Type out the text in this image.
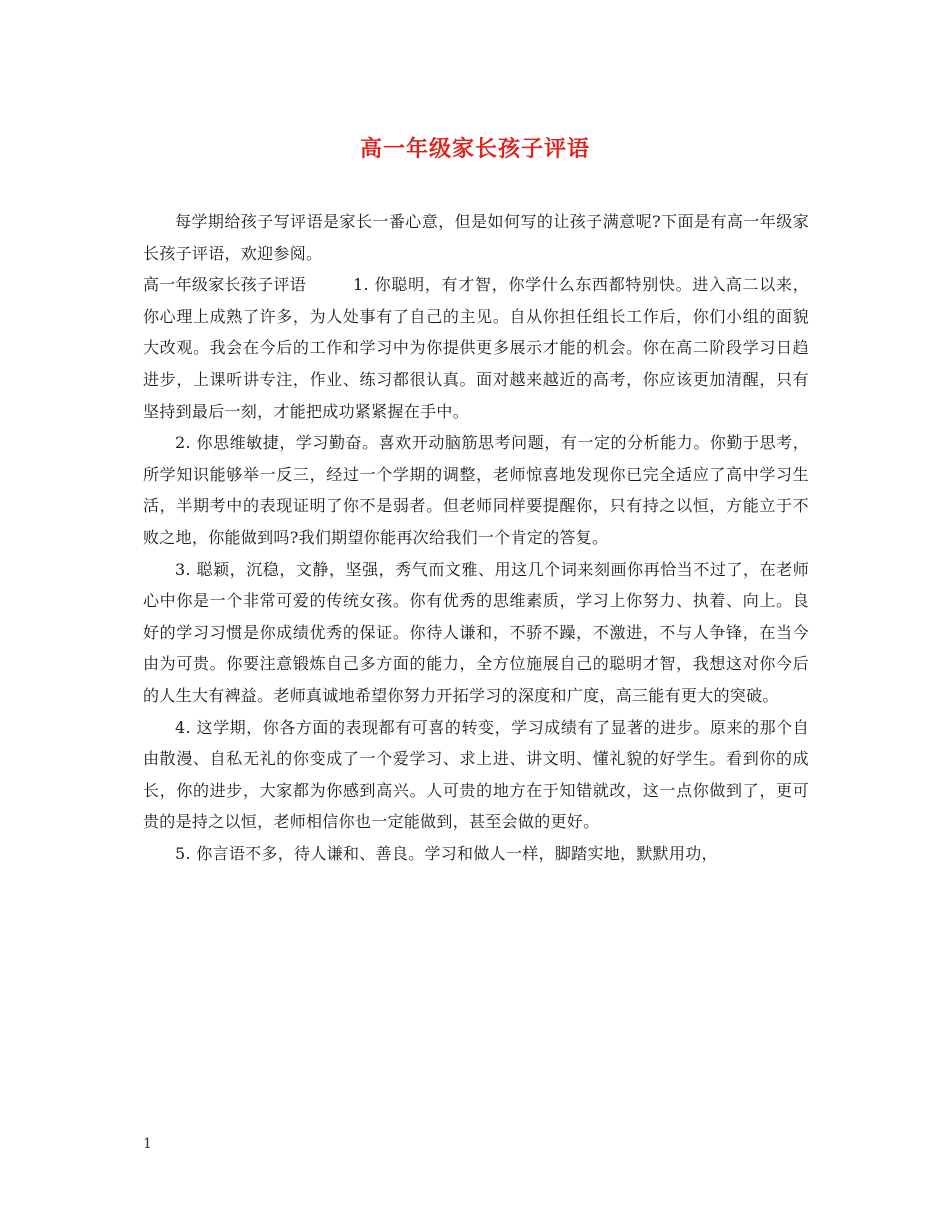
高一年级家长孩子评语

每学期给孩子写评语是家长一番心意，但是如何写的让孩子满意呢?下面是有高一年级家长孩子评语，欢迎参阅。

高一年级家长孩子评语	1. 你聪明，有才智，你学什么东西都特别快。进入高二以来，你心理上成熟了许多，为人处事有了自己的主见。自从你担任组长工作后，你们小组的面貌大改观。我会在今后的工作和学习中为你提供更多展示才能的机会。你在高二阶段学习日趋进步，上课听讲专注，作业、练习都很认真。面对越来越近的高考，你应该更加清醒，只有坚持到最后一刻，才能把成功紧紧握在手中。

2. 你思维敏捷，学习勤奋。喜欢开动脑筋思考问题，有一定的分析能力。你勤于思考，所学知识能够举一反三，经过一个学期的调整，老师惊喜地发现你已完全适应了高中学习生活，半期考中的表现证明了你不是弱者。但老师同样要提醒你，只有持之以恒，方能立于不败之地，你能做到吗?我们期望你能再次给我们一个肯定的答复。

3. 聪颖，沉稳，文静，坚强，秀气而文雅、用这几个词来刻画你再恰当不过了，在老师心中你是一个非常可爱的传统女孩。你有优秀的思维素质，学习上你努力、执着、向上。良好的学习习惯是你成绩优秀的保证。你待人谦和，不骄不躁，不激进，不与人争锋，在当今由为可贵。你要注意锻炼自己多方面的能力，全方位施展自己的聪明才智，我想这对你今后的人生大有裨益。老师真诚地希望你努力开拓学习的深度和广度，高三能有更大的突破。

4. 这学期，你各方面的表现都有可喜的转变，学习成绩有了显著的进步。原来的那个自由散漫、自私无礼的你变成了一个爱学习、求上进、讲文明、懂礼貌的好学生。看到你的成长，你的进步，大家都为你感到高兴。人可贵的地方在于知错就改，这一点你做到了，更可贵的是持之以恒，老师相信你也一定能做到，甚至会做的更好。

5. 你言语不多，待人谦和、善良。学习和做人一样，脚踏实地，默默用功，

1
